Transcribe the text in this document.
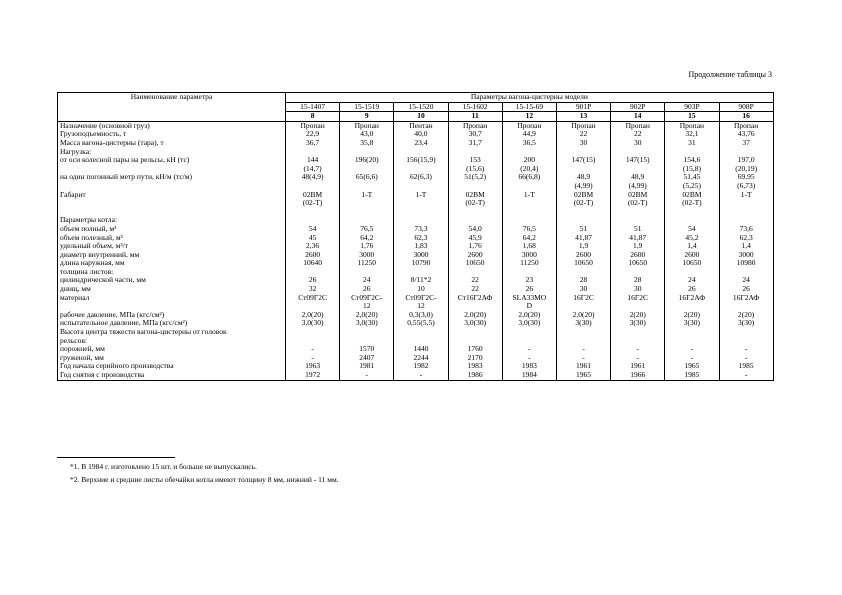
Продолжение таблицы 3
Наименование параметра	Параметры вагона-цистерны модели								
	15-1407	15-1519	15-1520	15-1602	15-15-69	901Р	902Р	903Р	908Р
	8	9	10	11	12	13	14	15	16
Назначение (основной груз)	Пропан	Пропан	Пентан	Пропан	Пропан	Пропан	Пропан	Пропан	Пропан
Грузоподъемность, т	22,9	43,0	40,0	30,7	44,9	22	22	32,1	43,76
Масса вагона-цистерны (тара), т	36,7	35,8	23,4	31,7	36,5	30	30	31	37
Нагрузка:									
от оси колесной пары на рельсы, кН (тс)	144	196(20)	156(15,9)	153	200	147(15)	147(15)	154,6	197,0
	(14,7)			(15,6)	(20,4)			(15,8)	(20,19)
на один погонный метр пути, кН/м (тс/м)	48(4,9)	65(6,6)	62(6,3)	51(5,2)	66(6,8)	48,9	48,9	51,45	69,95
						(4,99)	(4,99)	(5,25)	(6,73)
Габарит	02ВМ	1-Т	1-Т	02ВМ	1-Т	02ВМ	02ВМ	02ВМ	1-Т
	(02-Т)			(02-Т)		(02-Т)	(02-Т)	(02-Т)	

Параметры котла:									
объем полный, м³	54	76,5	73,3	54,0	76,5	51	51	54	73,6
объем полезный, м³	45	64,2	62,3	45,9	64,2	41,87	41,87	45,2	62,3
удельный объем, м³/т	2,36	1,76	1,83	1,76	1,68	1,9	1,9	1,4	1,4
диаметр внутренний, мм	2600	3000	3000	2600	3000	2600	2600	2600	3000
длина наружная, мм	10640	11250	10790	10650	11250	10650	10650	10650	10980
толщина листов:									
цилиндрической части, мм	26	24	8/11*2	22	23	28	28	24	24
днищ, мм	32	26	10	22	26	30	30	26	26
материал	Ст09Г2С	Ст09Г2С-	Ст09Г2С-	Ст16Г2АФ	SLA33MO	16Г2С	16Г2С	16Г2АФ	16Г2АФ
		12	12		D				
рабочее давление, МПа (кгс/см²)	2,0(20)	2,0(20)	0,3(3,0)	2,0(20)	2,0(20)	2,0(20)	2(20)	2(20)	2(20)
испытательное давление, МПа (кгс/см²)	3,0(30)	3,0(30)	0,55(5,5)	3,0(30)	3,0(30)	3(30)	3(30)	3(30)	3(30)
Высота центра тяжести вагона-цистерны от головок									
рельсов:									
порожней, мм	-	1570	1440	1760	-	-	-	-	-
груженой, мм	-	2407	2244	2170	-	-	-	-	-
Год начала серийного производства	1963	1981	1982	1983	1983	1961	1961	1965	1985
Год снятия с производства	1972	-	-	1986	1984	1965	1966	1985	-
*1. В 1984 г. изготовлено 15 шт. и больше не выпускались.
*2. Верхние и средние листы обечайки котла имеют толщину 8 мм, нижний - 11 мм.
